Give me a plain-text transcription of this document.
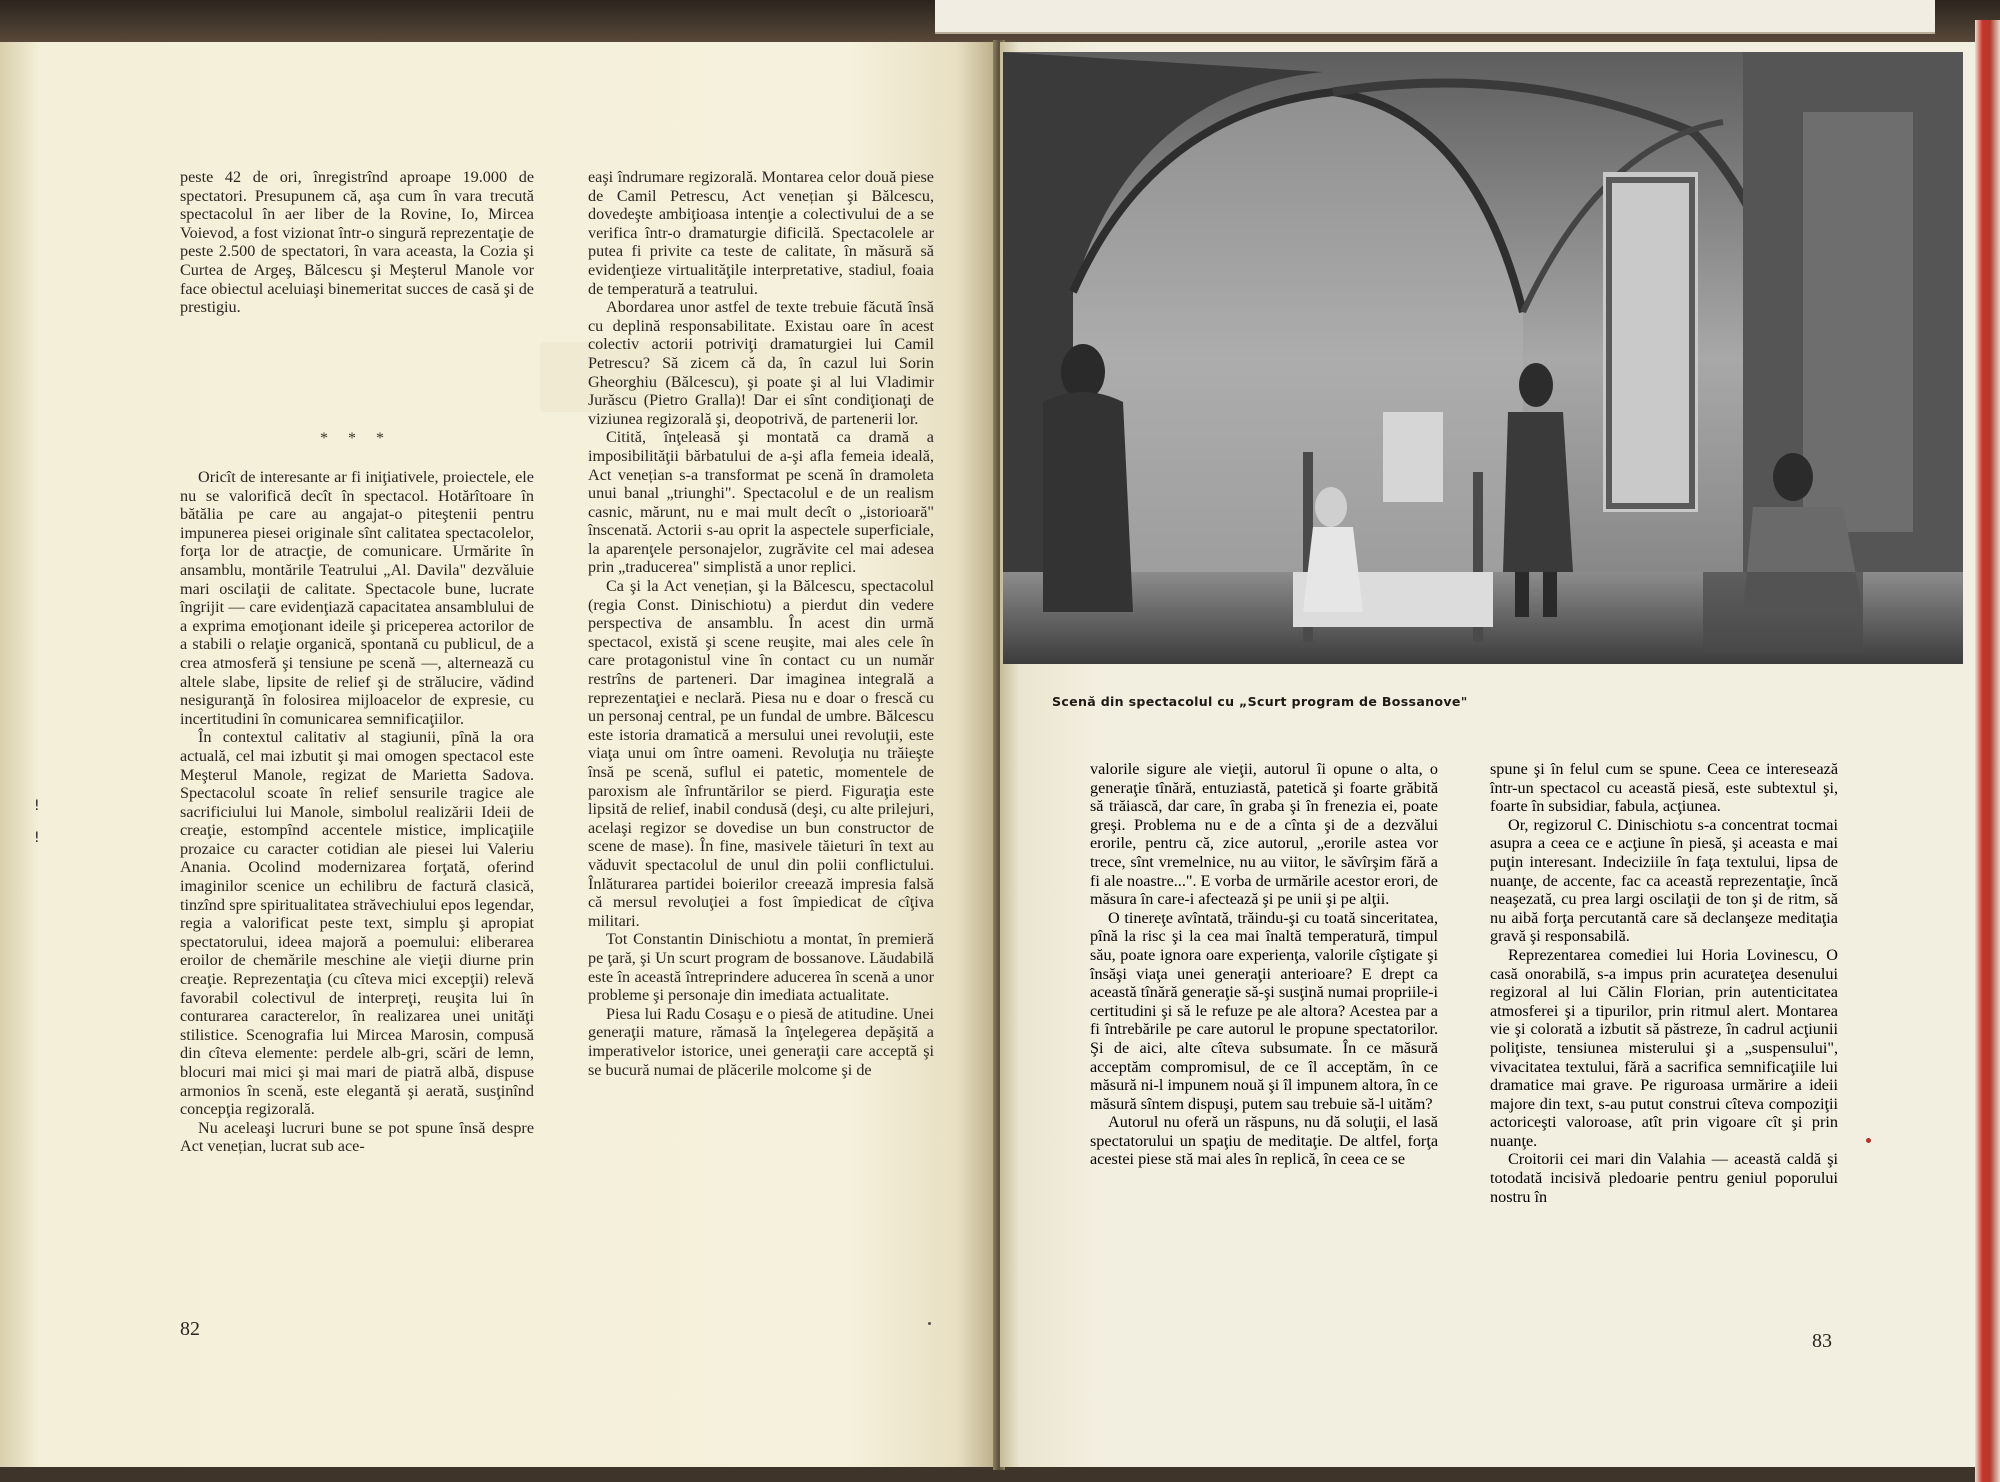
peste 42 de ori, înregistrînd aproape 19.000 de spectatori. Presupunem că, aşa cum în vara trecută spectacolul în aer liber de la Rovine, Io, Mircea Voievod, a fost vizionat într-o singură reprezentaţie de peste 2.500 de spectatori, în vara aceasta, la Cozia şi Curtea de Argeş, Bălcescu şi Meşterul Manole vor face obiectul aceluiaşi binemeritat succes de casă şi de prestigiu.

* * *

Oricît de interesante ar fi iniţiativele, proiectele, ele nu se valorifică decît în spectacol. Hotărîtoare în bătălia pe care au angajat-o piteştenii pentru impunerea piesei originale sînt calitatea spectacolelor, forţa lor de atracţie, de comunicare. Urmărite în ansamblu, montările Teatrului „Al. Davila" dezvăluie mari oscilaţii de calitate. Spectacole bune, lucrate îngrijit — care evidenţiază capacitatea ansamblului de a exprima emoţionant ideile şi priceperea actorilor de a stabili o relaţie organică, spontană cu publicul, de a crea atmosferă şi tensiune pe scenă —, alternează cu altele slabe, lipsite de relief şi de strălucire, vădind nesiguranţă în folosirea mijloacelor de expresie, cu incertitudini în comunicarea semnificaţiilor.

În contextul calitativ al stagiunii, pînă la ora actuală, cel mai izbutit şi mai omogen spectacol este Meşterul Manole, regizat de Marietta Sadova. Spectacolul scoate în relief sensurile tragice ale sacrificiului lui Manole, simbolul realizării Ideii de creaţie, estompînd accentele mistice, implicaţiile prozaice cu caracter cotidian ale piesei lui Valeriu Anania. Ocolind modernizarea forţată, oferind imaginilor scenice un echilibru de factură clasică, tinzînd spre spiritualitatea străvechiului epos legendar, regia a valorificat peste text, simplu şi apropiat spectatorului, ideea majoră a poemului: eliberarea eroilor de chemările meschine ale vieţii diurne prin creaţie. Reprezentaţia (cu cîteva mici excepţii) relevă favorabil colectivul de interpreţi, reuşita lui în conturarea caracterelor, în realizarea unei unităţi stilistice. Scenografia lui Mircea Marosin, compusă din cîteva elemente: perdele alb-gri, scări de lemn, blocuri mai mici şi mai mari de piatră albă, dispuse armonios în scenă, este elegantă şi aerată, susţinînd concepţia regizorală.

Nu aceleaşi lucruri bune se pot spune însă despre Act venețian, lucrat sub ace-

eaşi îndrumare regizorală. Montarea celor două piese de Camil Petrescu, Act venețian şi Bălcescu, dovedeşte ambiţioasa intenţie a colectivului de a se verifica într-o dramaturgie dificilă. Spectacolele ar putea fi privite ca teste de calitate, în măsură să evidenţieze virtualităţile interpretative, stadiul, foaia de temperatură a teatrului.

Abordarea unor astfel de texte trebuie făcută însă cu deplină responsabilitate. Existau oare în acest colectiv actorii potriviţi dramaturgiei lui Camil Petrescu? Să zicem că da, în cazul lui Sorin Gheorghiu (Bălcescu), şi poate şi al lui Vladimir Jurăscu (Pietro Gralla)! Dar ei sînt condiţionaţi de viziunea regizorală şi, deopotrivă, de partenerii lor.

Citită, înţeleasă şi montată ca dramă a imposibilităţii bărbatului de a-şi afla femeia ideală, Act venețian s-a transformat pe scenă în dramoleta unui banal „triunghi". Spectacolul e de un realism casnic, mărunt, nu e mai mult decît o „istorioară" înscenată. Actorii s-au oprit la aspectele superficiale, la aparenţele personajelor, zugrăvite cel mai adesea prin „traducerea" simplistă a unor replici.

Ca şi la Act venețian, şi la Bălcescu, spectacolul (regia Const. Dinischiotu) a pierdut din vedere perspectiva de ansamblu. În acest din urmă spectacol, există şi scene reuşite, mai ales cele în care protagonistul vine în contact cu un număr restrîns de parteneri. Dar imaginea integrală a reprezentaţiei e neclară. Piesa nu e doar o frescă cu un personaj central, pe un fundal de umbre. Bălcescu este istoria dramatică a mersului unei revoluţii, este viaţa unui om între oameni. Revoluţia nu trăieşte însă pe scenă, suflul ei patetic, momentele de paroxism ale înfruntărilor se pierd. Figuraţia este lipsită de relief, inabil condusă (deşi, cu alte prilejuri, acelaşi regizor se dovedise un bun constructor de scene de mase). În fine, masivele tăieturi în text au văduvit spectacolul de unul din polii conflictului. Înlăturarea partidei boierilor creează impresia falsă că mersul revoluţiei a fost împiedicat de cîţiva militari.

Tot Constantin Dinischiotu a montat, în premieră pe ţară, şi Un scurt program de bossanove. Lăudabilă este în această întreprindere aducerea în scenă a unor probleme şi personaje din imediata actualitate.

Piesa lui Radu Cosaşu e o piesă de atitudine. Unei generaţii mature, rămasă la înţelegerea depăşită a imperativelor istorice, unei generaţii care acceptă şi se bucură numai de plăcerile molcome şi de

82
!
!
Scenă din spectacolul cu „Scurt program de Bossanove"

valorile sigure ale vieţii, autorul îi opune o alta, o generaţie tînără, entuziastă, patetică şi foarte grăbită să trăiască, dar care, în graba şi în frenezia ei, poate greşi. Problema nu e de a cînta şi de a dezvălui erorile, pentru că, zice autorul, „erorile astea vor trece, sînt vremelnice, nu au viitor, le săvîrşim fără a fi ale noastre...". E vorba de urmările acestor erori, de măsura în care-i afectează şi pe unii şi pe alţii.

O tinereţe avîntată, trăindu-şi cu toată sinceritatea, pînă la risc şi la cea mai înaltă temperatură, timpul său, poate ignora oare experienţa, valorile cîştigate şi însăşi viaţa unei generaţii anterioare? E drept ca această tînără generaţie să-şi susţină numai propriile-i certitudini şi să le refuze pe ale altora? Acestea par a fi întrebările pe care autorul le propune spectatorilor. Şi de aici, alte cîteva subsumate. În ce măsură acceptăm compromisul, de ce îl acceptăm, în ce măsură ni-l impunem nouă şi îl impunem altora, în ce măsură sîntem dispuşi, putem sau trebuie să-l uităm?

Autorul nu oferă un răspuns, nu dă soluţii, el lasă spectatorului un spaţiu de meditaţie. De altfel, forţa acestei piese stă mai ales în replică, în ceea ce se

spune şi în felul cum se spune. Ceea ce interesează într-un spectacol cu această piesă, este subtextul şi, foarte în subsidiar, fabula, acţiunea.

Or, regizorul C. Dinischiotu s-a concentrat tocmai asupra a ceea ce e acţiune în piesă, şi aceasta e mai puţin interesant. Indeciziile în faţa textului, lipsa de nuanţe, de accente, fac ca această reprezentaţie, încă neaşezată, cu prea largi oscilaţii de ton şi de ritm, să nu aibă forţa percutantă care să declanşeze meditaţia gravă şi responsabilă.

Reprezentarea comediei lui Horia Lovinescu, O casă onorabilă, s-a impus prin acurateţea desenului regizoral al lui Călin Florian, prin autenticitatea atmosferei şi a tipurilor, prin ritmul alert. Montarea vie şi colorată a izbutit să păstreze, în cadrul acţiunii poliţiste, tensiunea misterului şi a „suspensului", vivacitatea textului, fără a sacrifica semnificaţiile lui dramatice mai grave. Pe riguroasa urmărire a ideii majore din text, s-au putut construi cîteva compoziţii actoriceşti valoroase, atît prin vigoare cît şi prin nuanţe.

Croitorii cei mari din Valahia — această caldă şi totodată incisivă pledoarie pentru geniul poporului nostru în

83
